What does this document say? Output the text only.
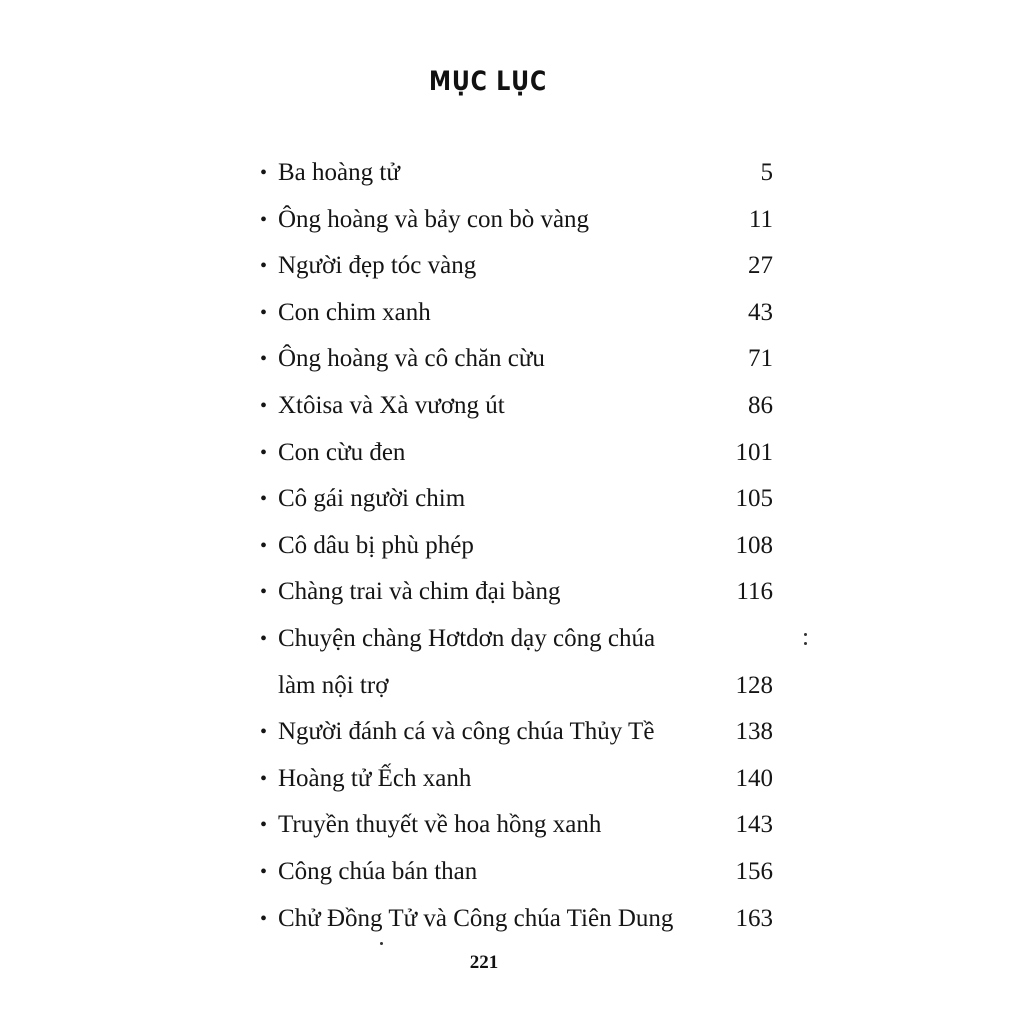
MỤC LỤC
• Ba hoàng tử	5
• Ông hoàng và bảy con bò vàng	11
• Người đẹp tóc vàng	27
• Con chim xanh	43
• Ông hoàng và cô chăn cừu	71
• Xtôisa và Xà vương út	86
• Con cừu đen	101
• Cô gái người chim	105
• Cô dâu bị phù phép	108
• Chàng trai và chim đại bàng	116
• Chuyện chàng Hơtdơn dạy công chúa
làm nội trợ	128
• Người đánh cá và công chúa Thủy Tề	138
• Hoàng tử Ếch xanh	140
• Truyền thuyết về hoa hồng xanh	143
• Công chúa bán than	156
• Chử Đồng Tử và Công chúa Tiên Dung 163
221
